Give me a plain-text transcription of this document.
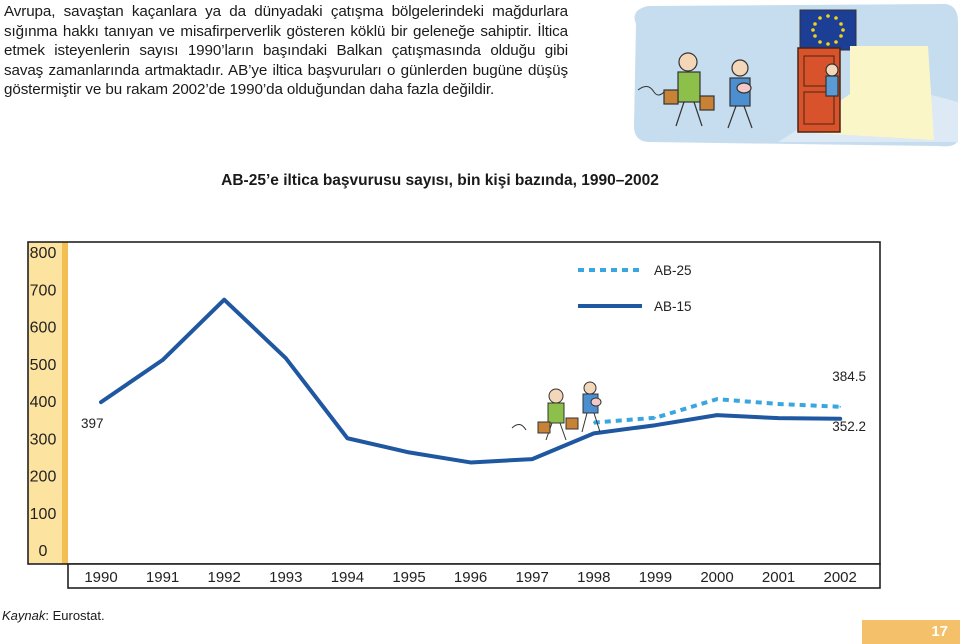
Avrupa, savaştan kaçanlara ya da dünyadaki çatışma bölgelerindeki mağdurlara sığınma hakkı tanıyan ve misafirperverlik gösteren köklü bir geleneğe sahiptir. İltica etmek isteyenlerin sayısı 1990’ların başındaki Balkan çatışmasında olduğu gibi savaş zamanlarında artmaktadır. AB’ye iltica başvuruları o günlerden bugüne düşüş göstermiştir ve bu rakam 2002’de 1990’da olduğundan daha fazla değildir.

AB-25’e iltica başvurusu sayısı, bin kişi bazında, 1990–2002
0
100
200
300
400
500
600
700
800
1990 1991 1992 1993 1994 1995 1996 1997 1998 1999 2000 2001 2002
397
384.5
352.2
AB-25
AB-15

Kaynak: Eurostat.

17
